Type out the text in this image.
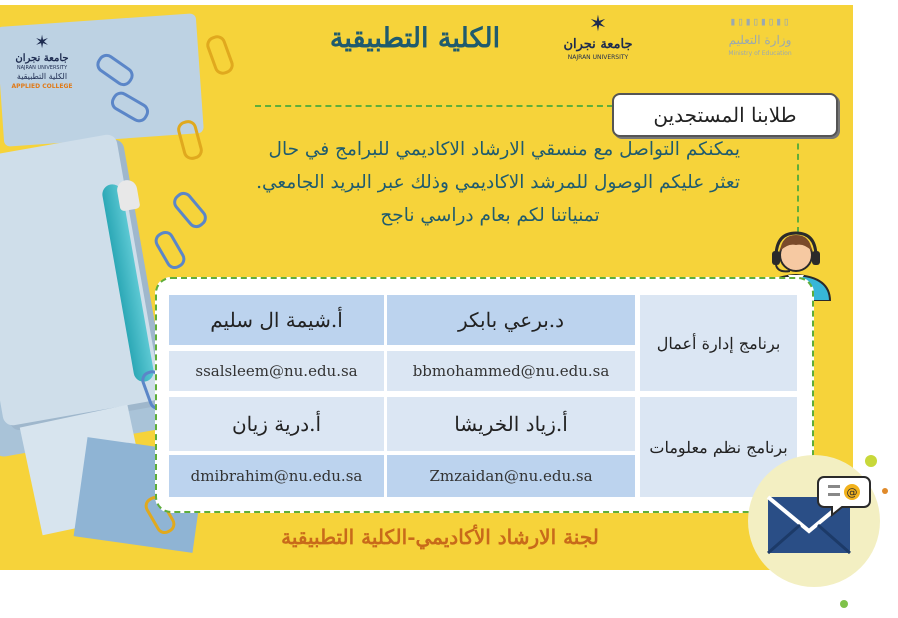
✶
جامعة نجران
NAJRAN UNIVERSITY
الكلية التطبيقية
APPLIED COLLEGE
الكلية التطبيقية	✶
جامعة نجران
NAJRAN UNIVERSITY
▮▯▮▯▮▯▮▯
وزارة التعليم
Ministry of Education
طلابنا المستجدين

يمكنكم التواصل مع منسقي الارشاد الاكاديمي للبرامج في حال

تعثر عليكم الوصول للمرشد الاكاديمي وذلك عبر البريد الجامعي.

تمنياتنا لكم بعام دراسي ناجح

د.برعي بابكر
أ.شيمة ال سليم
bbmohammed@nu.edu.sa
ssalsleem@nu.edu.sa
برنامج إدارة أعمال
أ.زياد الخريشا
أ.درية زيان
Zmzaidan@nu.edu.sa
dmibrahim@nu.edu.sa
برنامج نظم معلومات
لجنة الارشاد الأكاديمي-الكلية التطبيقية
@
